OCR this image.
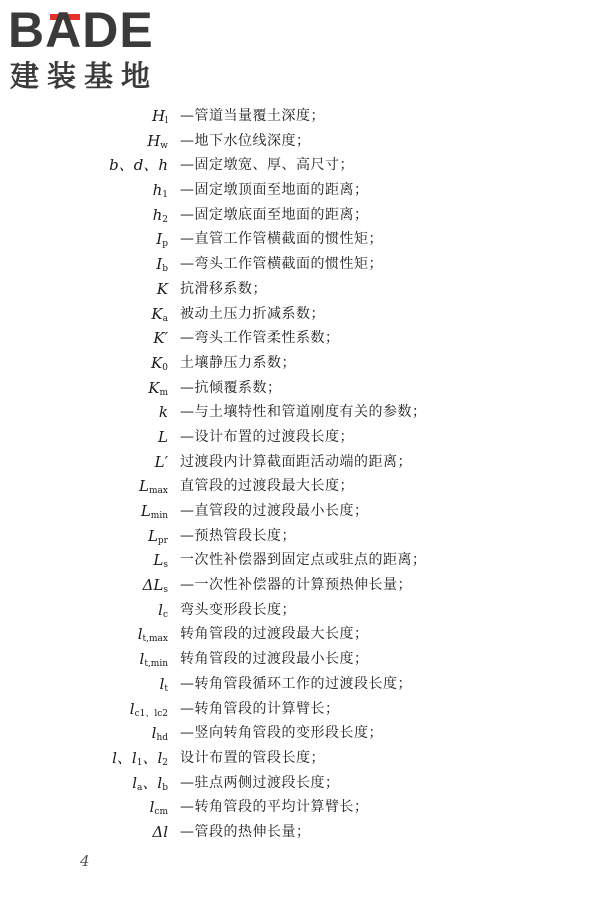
BADE
建装基地
$H_l$ —管道当量覆土深度；
$H_w$ —地下水位线深度；
b、d、h —固定墩宽、厚、高尺寸；
$h_1$ —固定墩顶面至地面的距离；
$h_2$ —固定墩底面至地面的距离；
$I_p$ —直管工作管横截面的惯性矩；
$I_b$ —弯头工作管横截面的惯性矩；
K 抗滑移系数；
$K_a$ 被动土压力折减系数；
K′ —弯头工作管柔性系数；
$K_0$ 土壤静压力系数；
$K_m$ —抗倾覆系数；
k —与土壤特性和管道刚度有关的参数；
L —设计布置的过渡段长度；
L′ 过渡段内计算截面距活动端的距离；
$L_{max}$ 直管段的过渡段最大长度；
$L_{min}$ —直管段的过渡段最小长度；
$L_{pr}$ —预热管段长度；
$L_s$ 一次性补偿器到固定点或驻点的距离；
$\Delta L_s$ —一次性补偿器的计算预热伸长量；
$l_c$ 弯头变形段长度；
$l_{t,max}$ 转角管段的过渡段最大长度；
$l_{t,min}$ 转角管段的过渡段最小长度；
$l_t$ —转角管段循环工作的过渡段长度；
$l_{c1、lc2}$ —转角管段的计算臂长；
$l_{hd}$ —竖向转角管段的变形段长度；
l、$l_1$、$l_2$ 设计布置的管段长度；
$l_a$、$l_b$ —驻点两侧过渡段长度；
$l_{cm}$ —转角管段的平均计算臂长；
Δl —管段的热伸长量；
4
